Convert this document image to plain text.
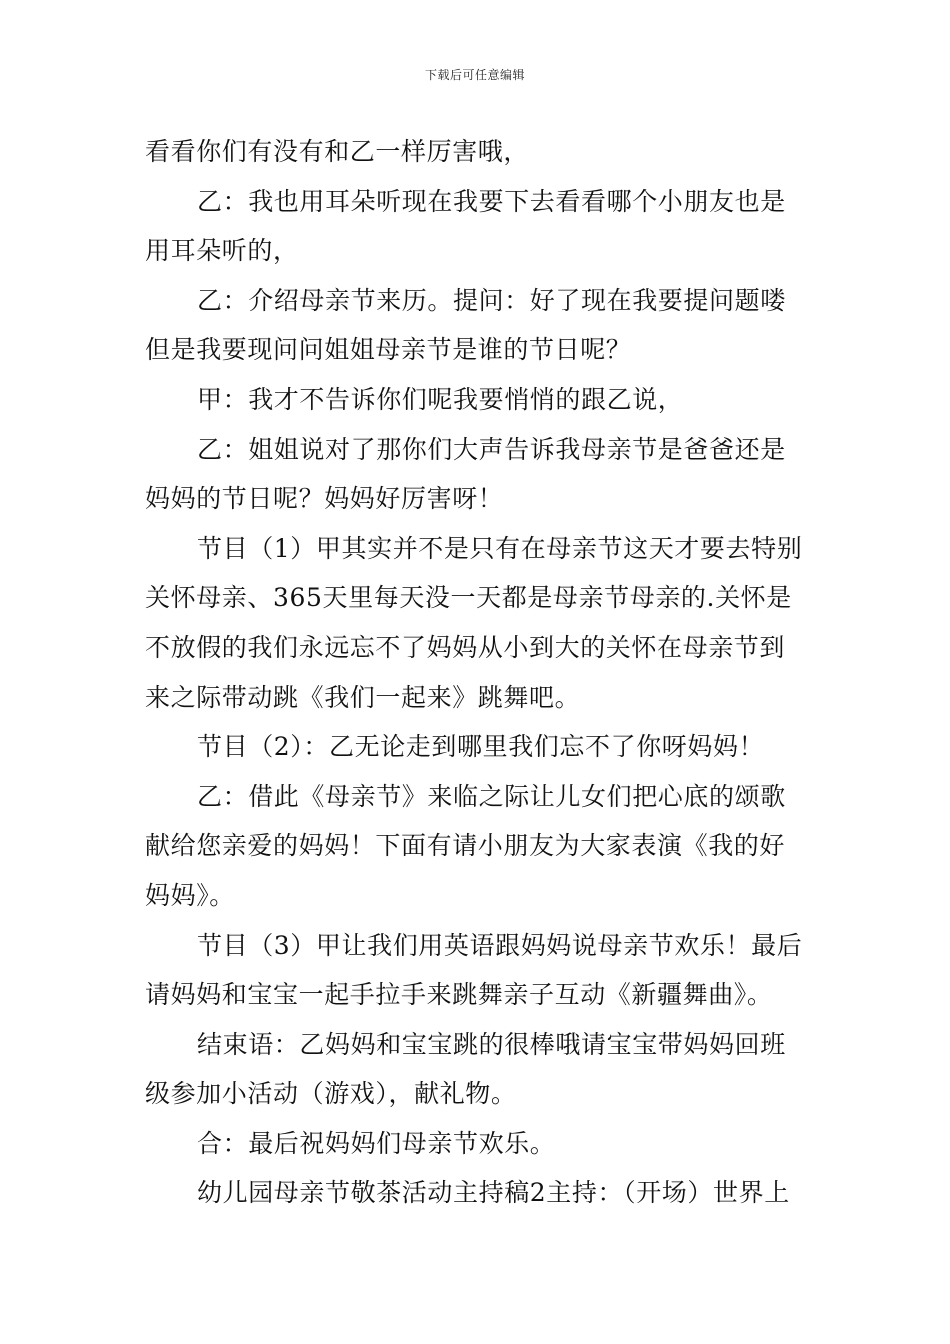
下载后可任意编辑

看看你们有没有和乙一样厉害哦，

乙：我也用耳朵听现在我要下去看看哪个小朋友也是用耳朵听的，

乙：介绍母亲节来历。提问：好了现在我要提问题喽但是我要现问问姐姐母亲节是谁的节日呢？

甲：我才不告诉你们呢我要悄悄的跟乙说，

乙：姐姐说对了那你们大声告诉我母亲节是爸爸还是妈妈的节日呢？妈妈好厉害呀！

节目（1）甲其实并不是只有在母亲节这天才要去特别关怀母亲、365天里每天没一天都是母亲节母亲的.关怀是不放假的我们永远忘不了妈妈从小到大的关怀在母亲节到来之际带动跳《我们一起来》跳舞吧。

节目（2）：乙无论走到哪里我们忘不了你呀妈妈！

乙：借此《母亲节》来临之际让儿女们把心底的颂歌献给您亲爱的妈妈！下面有请小朋友为大家表演《我的好妈妈》。

节目（3）甲让我们用英语跟妈妈说母亲节欢乐！最后请妈妈和宝宝一起手拉手来跳舞亲子互动《新疆舞曲》。

结束语：乙妈妈和宝宝跳的很棒哦请宝宝带妈妈回班级参加小活动（游戏），献礼物。

合：最后祝妈妈们母亲节欢乐。

幼儿园母亲节敬茶活动主持稿2主持：（开场）世界上
